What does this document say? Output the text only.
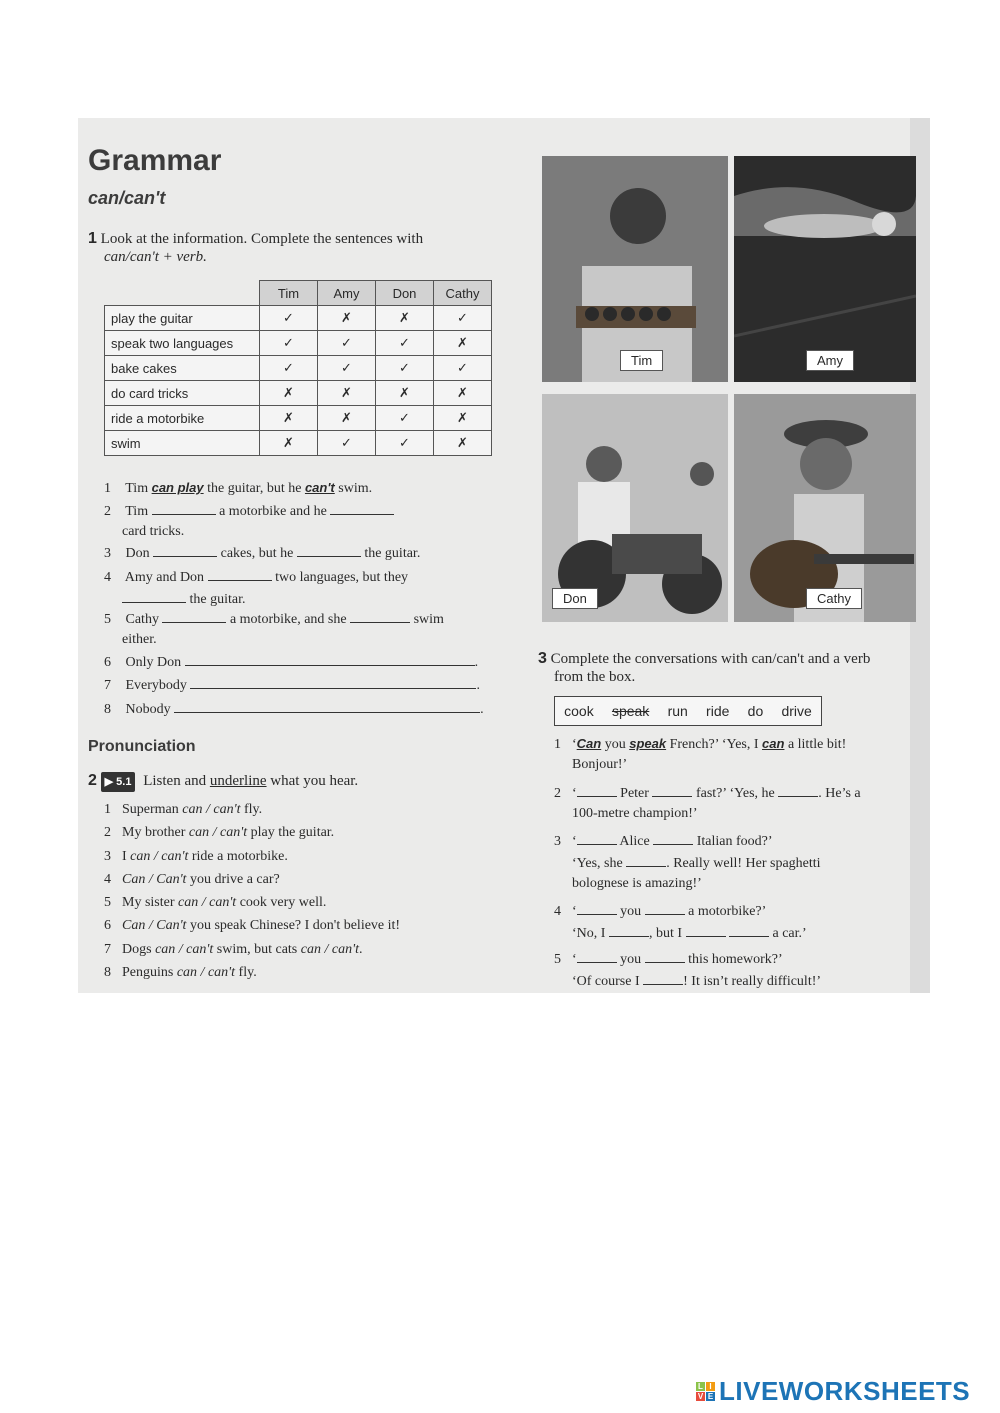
Grammar
can/can't
1 Look at the information. Complete the sentences with
can/can't + verb.
	Tim	Amy	Don	Cathy
play the guitar	✓	✗	✗	✓
speak two languages	✓	✓	✓	✗
bake cakes	✓	✓	✓	✓
do card tricks	✗	✗	✗	✗
ride a motorbike	✗	✗	✓	✗
swim	✗	✓	✓	✗
1 Tim can play the guitar, but he can't swim.
2 Tim	a motorbike and he
card tricks.
3 Don	cakes, but he	the guitar.
4 Amy and Don	two languages, but they
the guitar.
5 Cathy	a motorbike, and she	swim
either.
6 Only Don	.
7 Everybody	.
8 Nobody	.
Pronunciation
2 ▶ 5.1 Listen and underline what you hear.
1 Superman can / can't fly.
2 My brother can / can't play the guitar.
3 I can / can't ride a motorbike.
4 Can / Can't you drive a car?
5 My sister can / can't cook very well.
6 Can / Can't you speak Chinese? I don't believe it!
7 Dogs can / can't swim, but cats can / can't.
8 Penguins can / can't fly.
Tim	Amy
Don	Cathy
3 Complete the conversations with can/can't and a verb
from the box.
cook speak run ride do drive
1 ‘Can you speak French?’ ‘Yes, I can a little bit!
Bonjour!’
2 ‘	Peter	fast?’ ‘Yes, he	. He’s a
100-metre champion!’
3 ‘	Alice	Italian food?’
‘Yes, she	. Really well! Her spaghetti
bolognese is amazing!’
4 ‘	you	a motorbike?’
‘No, I	, but I	a car.’
5 ‘	you	this homework?’
‘Of course I	! It isn’t really difficult!’
L I
V E LIVEWORKSHEETS
